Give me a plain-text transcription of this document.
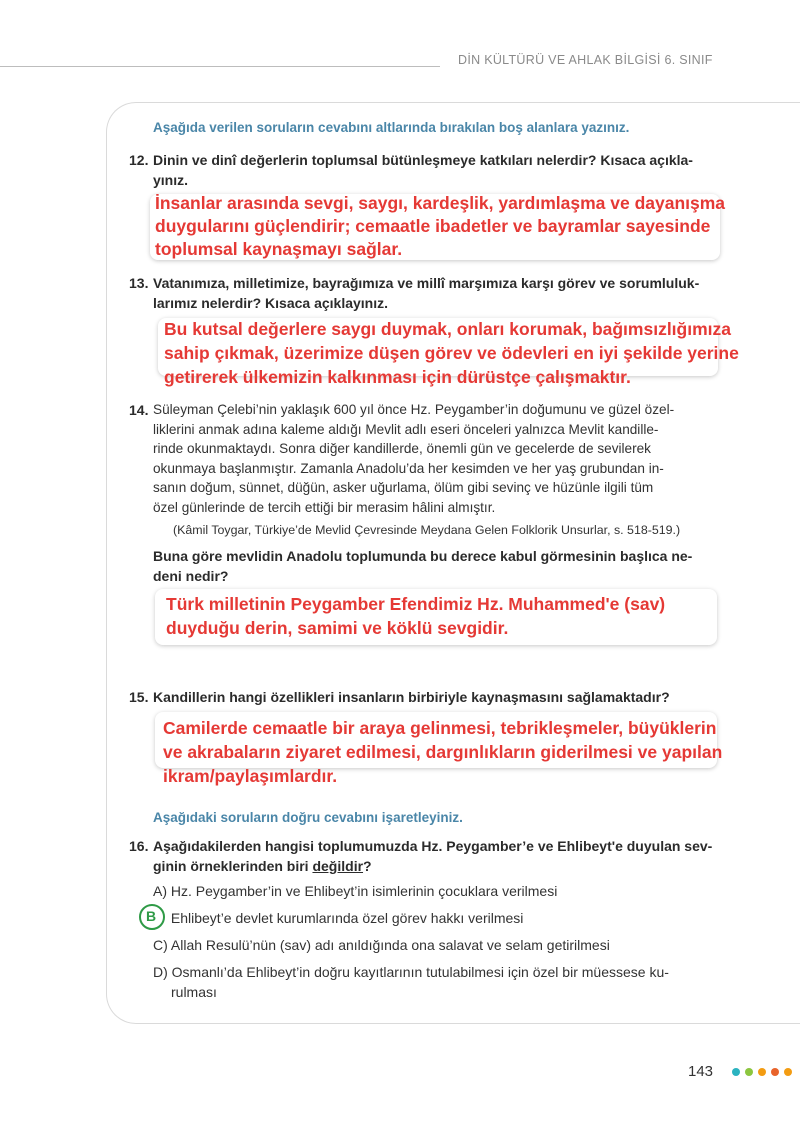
DİN KÜLTÜRÜ VE AHLAK BİLGİSİ 6. SINIF
Aşağıda verilen soruların cevabını altlarında bırakılan boş alanlara yazınız.
12. Dinin ve dinî değerlerin toplumsal bütünleşmeye katkıları nelerdir? Kısaca açıkla-
yınız.
İnsanlar arasında sevgi, saygı, kardeşlik, yardımlaşma ve dayanışma
duygularını güçlendirir; cemaatle ibadetler ve bayramlar sayesinde
toplumsal kaynaşmayı sağlar.
13. Vatanımıza, milletimize, bayrağımıza ve millî marşımıza karşı görev ve sorumluluk-
larımız nelerdir? Kısaca açıklayınız.
Bu kutsal değerlere saygı duymak, onları korumak, bağımsızlığımıza
sahip çıkmak, üzerimize düşen görev ve ödevleri en iyi şekilde yerine
getirerek ülkemizin kalkınması için dürüstçe çalışmaktır.
14. Süleyman Çelebi’nin yaklaşık 600 yıl önce Hz. Peygamber’in doğumunu ve güzel özel-
liklerini anmak adına kaleme aldığı Mevlit adlı eseri önceleri yalnızca Mevlit kandille-
rinde okunmaktaydı. Sonra diğer kandillerde, önemli gün ve gecelerde de sevilerek
okunmaya başlanmıştır. Zamanla Anadolu’da her kesimden ve her yaş grubundan in-
sanın doğum, sünnet, düğün, asker uğurlama, ölüm gibi sevinç ve hüzünle ilgili tüm
özel günlerinde de tercih ettiği bir merasim hâlini almıştır.
(Kâmil Toygar, Türkiye’de Mevlid Çevresinde Meydana Gelen Folklorik Unsurlar, s. 518-519.)
Buna göre mevlidin Anadolu toplumunda bu derece kabul görmesinin başlıca ne-
deni nedir?
Türk milletinin Peygamber Efendimiz Hz. Muhammed'e (sav)
duyduğu derin, samimi ve köklü sevgidir.
15. Kandillerin hangi özellikleri insanların birbiriyle kaynaşmasını sağlamaktadır?
Camilerde cemaatle bir araya gelinmesi, tebrikleşmeler, büyüklerin
ve akrabaların ziyaret edilmesi, dargınlıkların giderilmesi ve yapılan
ikram/paylaşımlardır.
Aşağıdaki soruların doğru cevabını işaretleyiniz.
16. Aşağıdakilerden hangisi toplumumuzda Hz. Peygamber’e ve Ehlibeyt'e duyulan sev-
ginin örneklerinden biri değildir?
A) Hz. Peygamber’in ve Ehlibeyt’in isimlerinin çocuklara verilmesi
Ehlibeyt’e devlet kurumlarında özel görev hakkı verilmesi
B
C) Allah Resulü’nün (sav) adı anıldığında ona salavat ve selam getirilmesi
D) Osmanlı’da Ehlibeyt’in doğru kayıtlarının tutulabilmesi için özel bir müessese ku-
rulması
143
